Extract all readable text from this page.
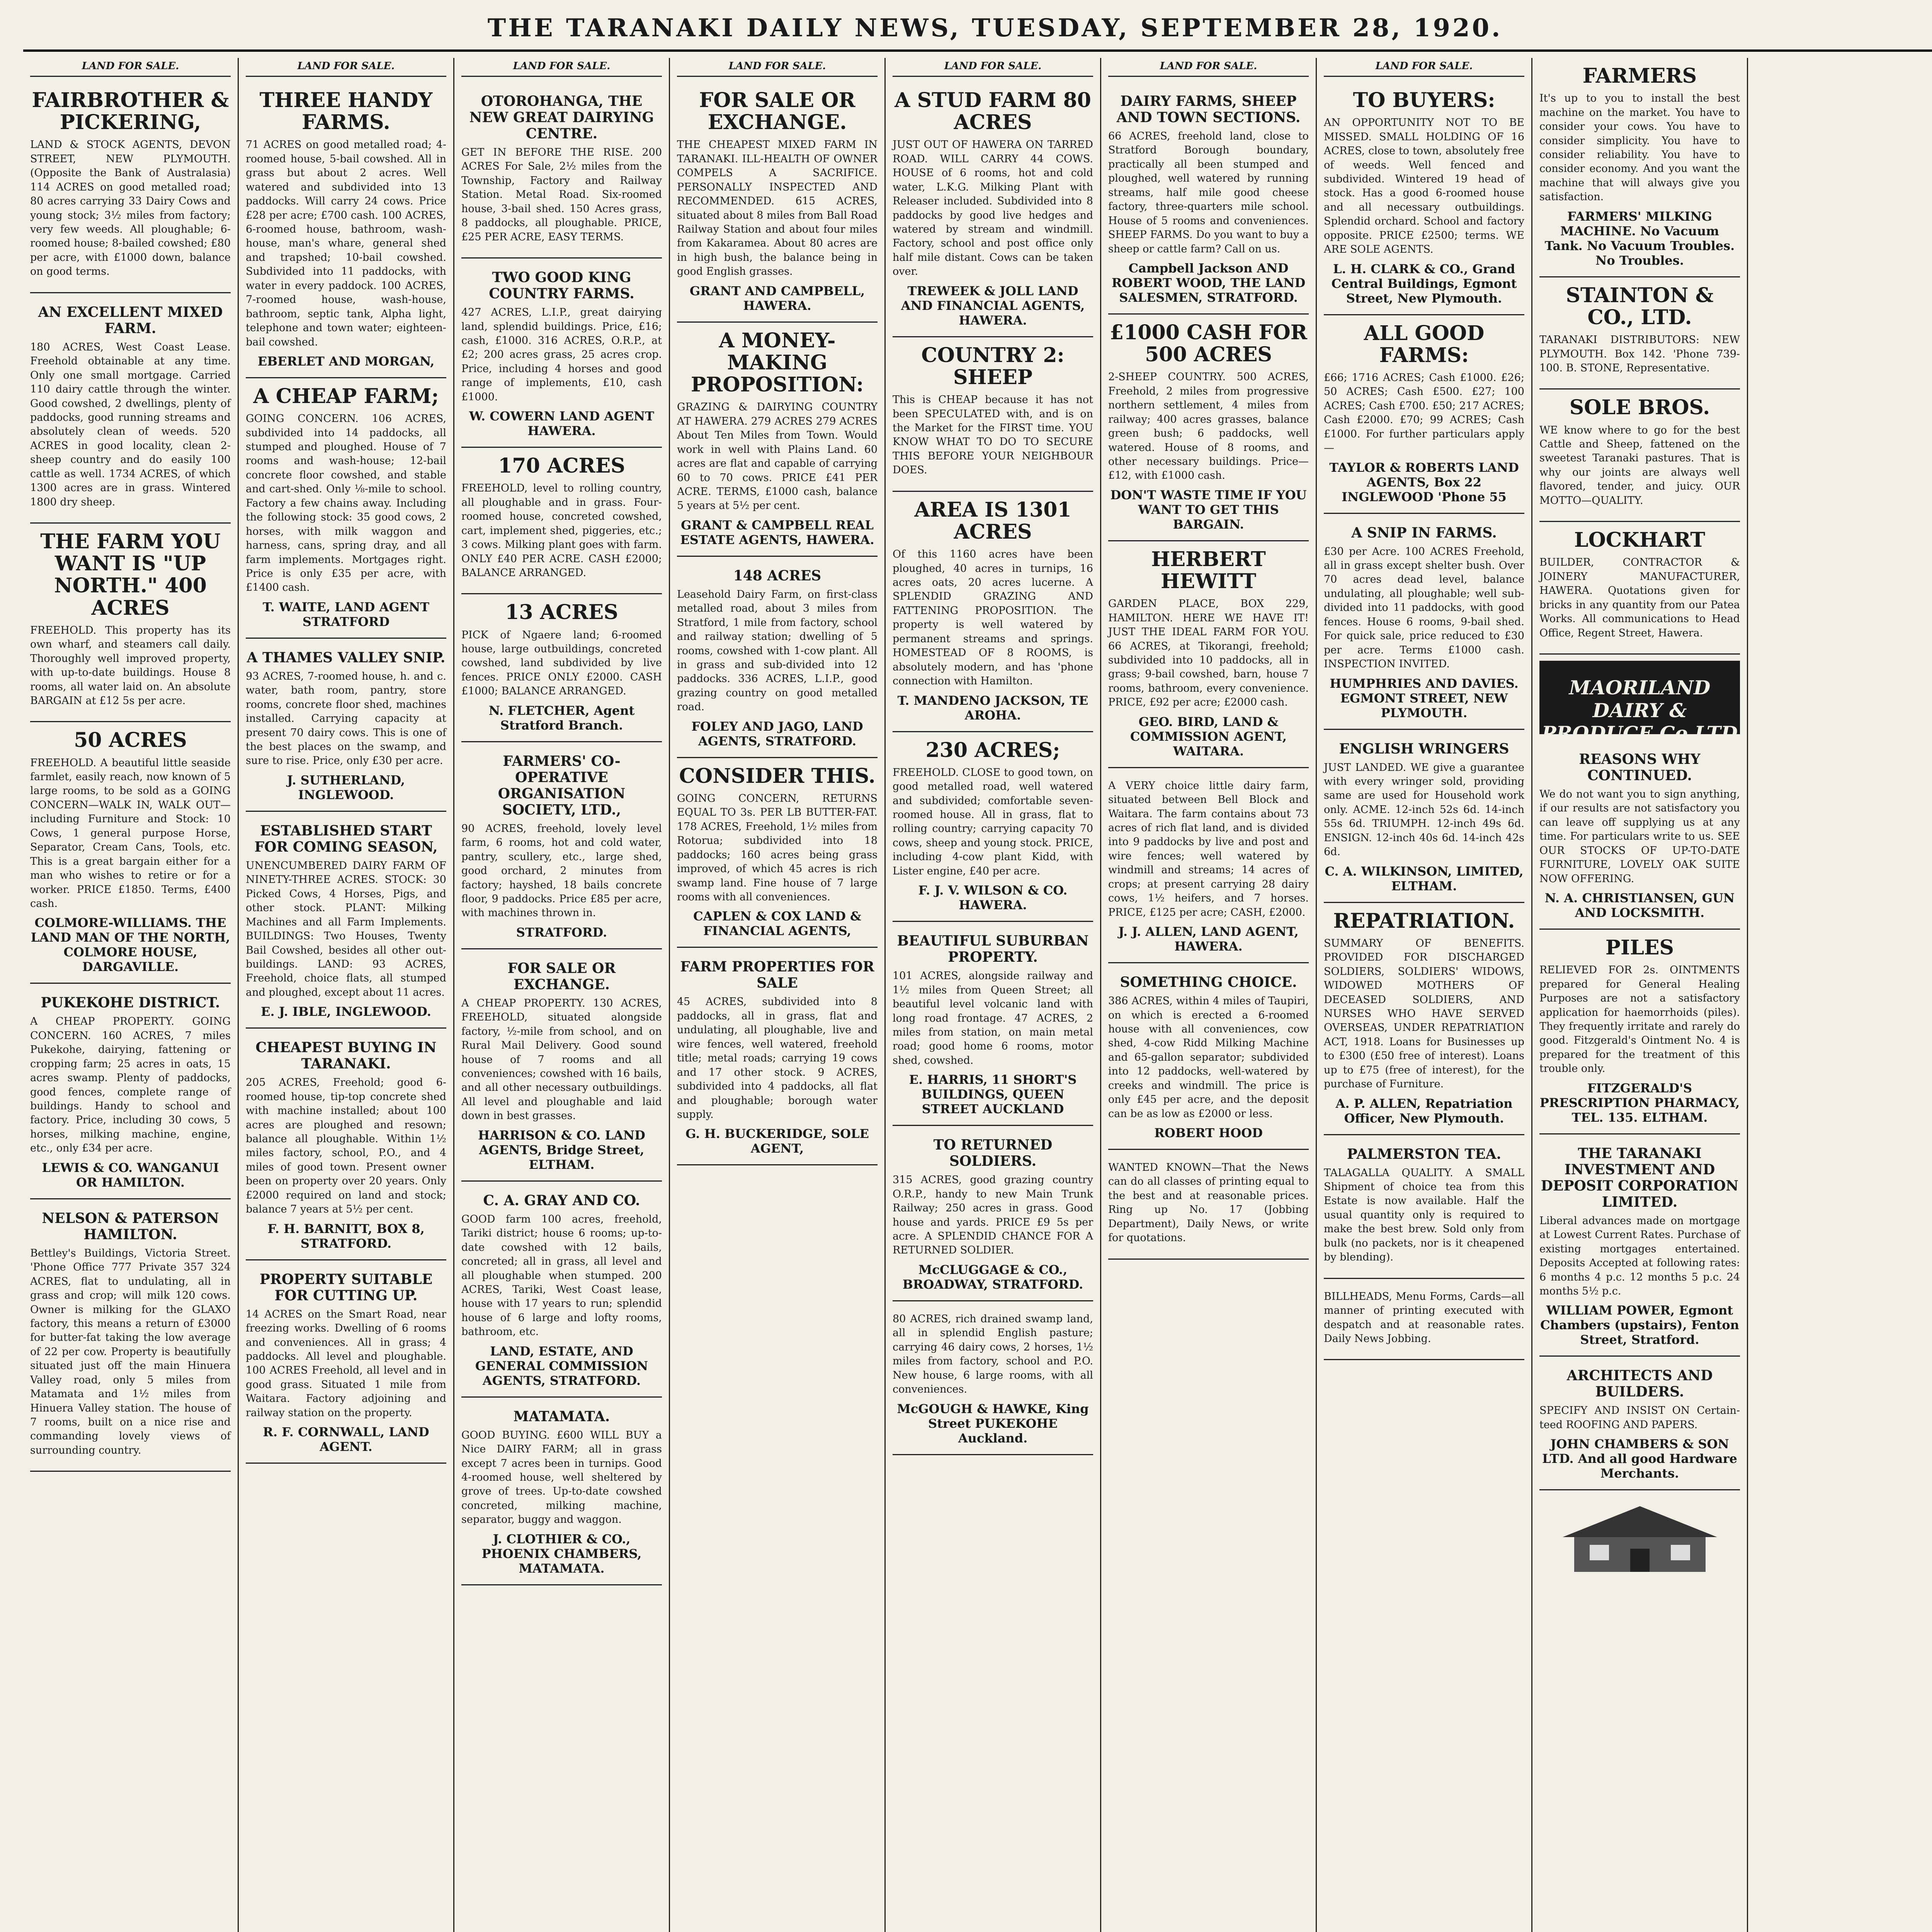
THE TARANAKI DAILY NEWS, TUESDAY, SEPTEMBER 28, 1920.
LAND FOR SALE.
FAIRBROTHER & PICKERING,

LAND & STOCK AGENTS, DEVON STREET, NEW PLYMOUTH. (Opposite the Bank of Australasia) 114 ACRES on good metalled road; 80 acres carrying 33 Dairy Cows and young stock; 3½ miles from factory; very few weeds. All ploughable; 6-roomed house; 8-bailed cowshed; £80 per acre, with £1000 down, balance on good terms.

AN EXCELLENT MIXED FARM.

180 ACRES, West Coast Lease. Freehold obtainable at any time. Only one small mortgage. Carried 110 dairy cattle through the winter. Good cowshed, 2 dwellings, plenty of paddocks, good running streams and absolutely clean of weeds. 520 ACRES in good locality, clean 2-sheep country and do easily 100 cattle as well. 1734 ACRES, of which 1300 acres are in grass. Wintered 1800 dry sheep.

THE FARM YOU WANT IS "UP NORTH." 400 ACRES

FREEHOLD. This property has its own wharf, and steamers call daily. Thoroughly well improved property, with up-to-date buildings. House 8 rooms, all water laid on. An absolute BARGAIN at £12 5s per acre.

50 ACRES

FREEHOLD. A beautiful little seaside farmlet, easily reach, now known of 5 large rooms, to be sold as a GOING CONCERN—WALK IN, WALK OUT—including Furniture and Stock: 10 Cows, 1 general purpose Horse, Separator, Cream Cans, Tools, etc. This is a great bargain either for a man who wishes to retire or for a worker. PRICE £1850. Terms, £400 cash.

COLMORE-WILLIAMS. THE LAND MAN OF THE NORTH, COLMORE HOUSE, DARGAVILLE.
PUKEKOHE DISTRICT.

A CHEAP PROPERTY. GOING CONCERN. 160 ACRES, 7 miles Pukekohe, dairying, fattening or cropping farm; 25 acres in oats, 15 acres swamp. Plenty of paddocks, good fences, complete range of buildings. Handy to school and factory. Price, including 30 cows, 5 horses, milking machine, engine, etc., only £34 per acre.

LEWIS & CO. WANGANUI OR HAMILTON.
NELSON & PATERSON HAMILTON.

Bettley's Buildings, Victoria Street. 'Phone Office 777 Private 357 324 ACRES, flat to undulating, all in grass and crop; will milk 120 cows. Owner is milking for the GLAXO factory, this means a return of £3000 for butter-fat taking the low average of 22 per cow. Property is beautifully situated just off the main Hinuera Valley road, only 5 miles from Matamata and 1½ miles from Hinuera Valley station. The house of 7 rooms, built on a nice rise and commanding lovely views of surrounding country.

LAND FOR SALE.
THREE HANDY FARMS.

71 ACRES on good metalled road; 4-roomed house, 5-bail cowshed. All in grass but about 2 acres. Well watered and subdivided into 13 paddocks. Will carry 24 cows. Price £28 per acre; £700 cash. 100 ACRES, 6-roomed house, bathroom, wash-house, man's whare, general shed and trapshed; 10-bail cowshed. Subdivided into 11 paddocks, with water in every paddock. 100 ACRES, 7-roomed house, wash-house, bathroom, septic tank, Alpha light, telephone and town water; eighteen-bail cowshed.

EBERLET AND MORGAN,
A CHEAP FARM;

GOING CONCERN. 106 ACRES, subdivided into 14 paddocks, all stumped and ploughed. House of 7 rooms and wash-house; 12-bail concrete floor cowshed, and stable and cart-shed. Only ⅛-mile to school. Factory a few chains away. Including the following stock: 35 good cows, 2 horses, with milk waggon and harness, cans, spring dray, and all farm implements. Mortgages right. Price is only £35 per acre, with £1400 cash.

T. WAITE, LAND AGENT STRATFORD
A THAMES VALLEY SNIP.

93 ACRES, 7-roomed house, h. and c. water, bath room, pantry, store rooms, concrete floor shed, machines installed. Carrying capacity at present 70 dairy cows. This is one of the best places on the swamp, and sure to rise. Price, only £30 per acre.

J. SUTHERLAND, INGLEWOOD.
ESTABLISHED START FOR COMING SEASON,

UNENCUMBERED DAIRY FARM OF NINETY-THREE ACRES. STOCK: 30 Picked Cows, 4 Horses, Pigs, and other stock. PLANT: Milking Machines and all Farm Implements. BUILDINGS: Two Houses, Twenty Bail Cowshed, besides all other out-buildings. LAND: 93 ACRES, Freehold, choice flats, all stumped and ploughed, except about 11 acres.

E. J. IBLE, INGLEWOOD.
CHEAPEST BUYING IN TARANAKI.

205 ACRES, Freehold; good 6-roomed house, tip-top concrete shed with machine installed; about 100 acres are ploughed and resown; balance all ploughable. Within 1½ miles factory, school, P.O., and 4 miles of good town. Present owner been on property over 20 years. Only £2000 required on land and stock; balance 7 years at 5½ per cent.

F. H. BARNITT, BOX 8, STRATFORD.
PROPERTY SUITABLE FOR CUTTING UP.

14 ACRES on the Smart Road, near freezing works. Dwelling of 6 rooms and conveniences. All in grass; 4 paddocks. All level and ploughable. 100 ACRES Freehold, all level and in good grass. Situated 1 mile from Waitara. Factory adjoining and railway station on the property.

R. F. CORNWALL, LAND AGENT.
LAND FOR SALE.
OTOROHANGA, THE NEW GREAT DAIRYING CENTRE.

GET IN BEFORE THE RISE. 200 ACRES For Sale, 2½ miles from the Township, Factory and Railway Station. Metal Road. Six-roomed house, 3-bail shed. 150 Acres grass, 8 paddocks, all ploughable. PRICE, £25 PER ACRE, EASY TERMS.

TWO GOOD KING COUNTRY FARMS.

427 ACRES, L.I.P., great dairying land, splendid buildings. Price, £16; cash, £1000. 316 ACRES, O.R.P., at £2; 200 acres grass, 25 acres crop. Price, including 4 horses and good range of implements, £10, cash £1000.

W. COWERN LAND AGENT HAWERA.
170 ACRES

FREEHOLD, level to rolling country, all ploughable and in grass. Four-roomed house, concreted cowshed, cart, implement shed, piggeries, etc.; 3 cows. Milking plant goes with farm. ONLY £40 PER ACRE. CASH £2000; BALANCE ARRANGED.

13 ACRES

PICK of Ngaere land; 6-roomed house, large outbuildings, concreted cowshed, land subdivided by live fences. PRICE ONLY £2000. CASH £1000; BALANCE ARRANGED.

N. FLETCHER, Agent Stratford Branch.
FARMERS' CO-OPERATIVE ORGANISATION SOCIETY, LTD.,

90 ACRES, freehold, lovely level farm, 6 rooms, hot and cold water, pantry, scullery, etc., large shed, good orchard, 2 minutes from factory; hayshed, 18 bails concrete floor, 9 paddocks. Price £85 per acre, with machines thrown in.

STRATFORD.
FOR SALE OR EXCHANGE.

A CHEAP PROPERTY. 130 ACRES, FREEHOLD, situated alongside factory, ½-mile from school, and on Rural Mail Delivery. Good sound house of 7 rooms and all conveniences; cowshed with 16 bails, and all other necessary outbuildings. All level and ploughable and laid down in best grasses.

HARRISON & CO. LAND AGENTS, Bridge Street, ELTHAM.
C. A. GRAY AND CO.

GOOD farm 100 acres, freehold, Tariki district; house 6 rooms; up-to-date cowshed with 12 bails, concreted; all in grass, all level and all ploughable when stumped. 200 ACRES, Tariki, West Coast lease, house with 17 years to run; splendid house of 6 large and lofty rooms, bathroom, etc.

LAND, ESTATE, AND GENERAL COMMISSION AGENTS, STRATFORD.
MATAMATA.

GOOD BUYING. £600 WILL BUY a Nice DAIRY FARM; all in grass except 7 acres been in turnips. Good 4-roomed house, well sheltered by grove of trees. Up-to-date cowshed concreted, milking machine, separator, buggy and waggon.

J. CLOTHIER & CO., PHOENIX CHAMBERS, MATAMATA.
LAND FOR SALE.
FOR SALE OR EXCHANGE.

THE CHEAPEST MIXED FARM IN TARANAKI. ILL-HEALTH OF OWNER COMPELS A SACRIFICE. PERSONALLY INSPECTED AND RECOMMENDED. 615 ACRES, situated about 8 miles from Ball Road Railway Station and about four miles from Kakaramea. About 80 acres are in high bush, the balance being in good English grasses.

GRANT AND CAMPBELL, HAWERA.
A MONEY-MAKING PROPOSITION:

GRAZING & DAIRYING COUNTRY AT HAWERA. 279 ACRES 279 ACRES About Ten Miles from Town. Would work in well with Plains Land. 60 acres are flat and capable of carrying 60 to 70 cows. PRICE £41 PER ACRE. TERMS, £1000 cash, balance 5 years at 5½ per cent.

GRANT & CAMPBELL REAL ESTATE AGENTS, HAWERA.
148 ACRES

Leasehold Dairy Farm, on first-class metalled road, about 3 miles from Stratford, 1 mile from factory, school and railway station; dwelling of 5 rooms, cowshed with 1-cow plant. All in grass and sub-divided into 12 paddocks. 336 ACRES, L.I.P., good grazing country on good metalled road.

FOLEY AND JAGO, LAND AGENTS, STRATFORD.
CONSIDER THIS.

GOING CONCERN, RETURNS EQUAL TO 3s. PER LB BUTTER-FAT. 178 ACRES, Freehold, 1½ miles from Rotorua; subdivided into 18 paddocks; 160 acres being grass improved, of which 45 acres is rich swamp land. Fine house of 7 large rooms with all conveniences.

CAPLEN & COX LAND & FINANCIAL AGENTS,
FARM PROPERTIES FOR SALE

45 ACRES, subdivided into 8 paddocks, all in grass, flat and undulating, all ploughable, live and wire fences, well watered, freehold title; metal roads; carrying 19 cows and 17 other stock. 9 ACRES, subdivided into 4 paddocks, all flat and ploughable; borough water supply.

G. H. BUCKERIDGE, SOLE AGENT,
LAND FOR SALE.
A STUD FARM 80 ACRES

JUST OUT OF HAWERA ON TARRED ROAD. WILL CARRY 44 COWS. HOUSE of 6 rooms, hot and cold water, L.K.G. Milking Plant with Releaser included. Subdivided into 8 paddocks by good live hedges and watered by stream and windmill. Factory, school and post office only half mile distant. Cows can be taken over.

TREWEEK & JOLL LAND AND FINANCIAL AGENTS, HAWERA.
COUNTRY 2: SHEEP

This is CHEAP because it has not been SPECULATED with, and is on the Market for the FIRST time. YOU KNOW WHAT TO DO TO SECURE THIS BEFORE YOUR NEIGHBOUR DOES.

AREA IS 1301 ACRES

Of this 1160 acres have been ploughed, 40 acres in turnips, 16 acres oats, 20 acres lucerne. A SPLENDID GRAZING AND FATTENING PROPOSITION. The property is well watered by permanent streams and springs. HOMESTEAD OF 8 ROOMS, is absolutely modern, and has 'phone connection with Hamilton.

T. MANDENO JACKSON, TE AROHA.
230 ACRES;

FREEHOLD. CLOSE to good town, on good metalled road, well watered and subdivided; comfortable seven-roomed house. All in grass, flat to rolling country; carrying capacity 70 cows, sheep and young stock. PRICE, including 4-cow plant Kidd, with Lister engine, £40 per acre.

F. J. V. WILSON & CO. HAWERA.
BEAUTIFUL SUBURBAN PROPERTY.

101 ACRES, alongside railway and 1½ miles from Queen Street; all beautiful level volcanic land with long road frontage. 47 ACRES, 2 miles from station, on main metal road; good home 6 rooms, motor shed, cowshed.

E. HARRIS, 11 SHORT'S BUILDINGS, QUEEN STREET AUCKLAND
TO RETURNED SOLDIERS.

315 ACRES, good grazing country O.R.P., handy to new Main Trunk Railway; 250 acres in grass. Good house and yards. PRICE £9 5s per acre. A SPLENDID CHANCE FOR A RETURNED SOLDIER.

McCLUGGAGE & CO., BROADWAY, STRATFORD.

80 ACRES, rich drained swamp land, all in splendid English pasture; carrying 46 dairy cows, 2 horses, 1½ miles from factory, school and P.O. New house, 6 large rooms, with all conveniences.

McGOUGH & HAWKE, King Street PUKEKOHE Auckland.
LAND FOR SALE.
DAIRY FARMS, SHEEP AND TOWN SECTIONS.

66 ACRES, freehold land, close to Stratford Borough boundary, practically all been stumped and ploughed, well watered by running streams, half mile good cheese factory, three-quarters mile school. House of 5 rooms and conveniences. SHEEP FARMS. Do you want to buy a sheep or cattle farm? Call on us.

Campbell Jackson AND ROBERT WOOD, THE LAND SALESMEN, STRATFORD.
£1000 CASH FOR 500 ACRES

2-SHEEP COUNTRY. 500 ACRES, Freehold, 2 miles from progressive northern settlement, 4 miles from railway; 400 acres grasses, balance green bush; 6 paddocks, well watered. House of 8 rooms, and other necessary buildings. Price—£12, with £1000 cash.

DON'T WASTE TIME IF YOU WANT TO GET THIS BARGAIN.
HERBERT HEWITT

GARDEN PLACE, BOX 229, HAMILTON. HERE WE HAVE IT! JUST THE IDEAL FARM FOR YOU. 66 ACRES, at Tikorangi, freehold; subdivided into 10 paddocks, all in grass; 9-bail cowshed, barn, house 7 rooms, bathroom, every convenience. PRICE, £92 per acre; £2000 cash.

GEO. BIRD, LAND & COMMISSION AGENT, WAITARA.

A VERY choice little dairy farm, situated between Bell Block and Waitara. The farm contains about 73 acres of rich flat land, and is divided into 9 paddocks by live and post and wire fences; well watered by windmill and streams; 14 acres of crops; at present carrying 28 dairy cows, 1½ heifers, and 7 horses. PRICE, £125 per acre; CASH, £2000.

J. J. ALLEN, LAND AGENT, HAWERA.
SOMETHING CHOICE.

386 ACRES, within 4 miles of Taupiri, on which is erected a 6-roomed house with all conveniences, cow shed, 4-cow Ridd Milking Machine and 65-gallon separator; subdivided into 12 paddocks, well-watered by creeks and windmill. The price is only £45 per acre, and the deposit can be as low as £2000 or less.

ROBERT HOOD

WANTED KNOWN—That the News can do all classes of printing equal to the best and at reasonable prices. Ring up No. 17 (Jobbing Department), Daily News, or write for quotations.

LAND FOR SALE.
TO BUYERS:

AN OPPORTUNITY NOT TO BE MISSED. SMALL HOLDING OF 16 ACRES, close to town, absolutely free of weeds. Well fenced and subdivided. Wintered 19 head of stock. Has a good 6-roomed house and all necessary outbuildings. Splendid orchard. School and factory opposite. PRICE £2500; terms. WE ARE SOLE AGENTS.

L. H. CLARK & CO., Grand Central Buildings, Egmont Street, New Plymouth.
ALL GOOD FARMS:

£66; 1716 ACRES; Cash £1000. £26; 50 ACRES; Cash £500. £27; 100 ACRES; Cash £700. £50; 217 ACRES; Cash £2000. £70; 99 ACRES; Cash £1000. For further particulars apply—

TAYLOR & ROBERTS LAND AGENTS, Box 22 INGLEWOOD 'Phone 55
A SNIP IN FARMS.

£30 per Acre. 100 ACRES Freehold, all in grass except shelter bush. Over 70 acres dead level, balance undulating, all ploughable; well sub-divided into 11 paddocks, with good fences. House 6 rooms, 9-bail shed. For quick sale, price reduced to £30 per acre. Terms £1000 cash. INSPECTION INVITED.

HUMPHRIES AND DAVIES. EGMONT STREET, NEW PLYMOUTH.
ENGLISH WRINGERS

JUST LANDED. WE give a guarantee with every wringer sold, providing same are used for Household work only. ACME. 12-inch 52s 6d. 14-inch 55s 6d. TRIUMPH. 12-inch 49s 6d. ENSIGN. 12-inch 40s 6d. 14-inch 42s 6d.

C. A. WILKINSON, LIMITED, ELTHAM.
REPATRIATION.

SUMMARY OF BENEFITS. PROVIDED FOR DISCHARGED SOLDIERS, SOLDIERS' WIDOWS, WIDOWED MOTHERS OF DECEASED SOLDIERS, AND NURSES WHO HAVE SERVED OVERSEAS, UNDER REPATRIATION ACT, 1918. Loans for Businesses up to £300 (£50 free of interest). Loans up to £75 (free of interest), for the purchase of Furniture.

A. P. ALLEN, Repatriation Officer, New Plymouth.
PALMERSTON TEA.

TALAGALLA QUALITY. A SMALL Shipment of choice tea from this Estate is now available. Half the usual quantity only is required to make the best brew. Sold only from bulk (no packets, nor is it cheapened by blending).

BILLHEADS, Menu Forms, Cards—all manner of printing executed with despatch and at reasonable rates. Daily News Jobbing.

FARMERS

It's up to you to install the best machine on the market. You have to consider your cows. You have to consider simplicity. You have to consider reliability. You have to consider economy. And you want the machine that will always give you satisfaction.

FARMERS' MILKING MACHINE. No Vacuum Tank. No Vacuum Troubles. No Troubles.
STAINTON & CO., LTD.

TARANAKI DISTRIBUTORS: NEW PLYMOUTH. Box 142. 'Phone 739-100. B. STONE, Representative.

SOLE BROS.

WE know where to go for the best Cattle and Sheep, fattened on the sweetest Taranaki pastures. That is why our joints are always well flavored, tender, and juicy. OUR MOTTO—QUALITY.

LOCKHART

BUILDER, CONTRACTOR & JOINERY MANUFACTURER, HAWERA. Quotations given for bricks in any quantity from our Patea Works. All communications to Head Office, Regent Street, Hawera.

MAORILAND DAIRY & PRODUCE Co LTD
REASONS WHY CONTINUED.

We do not want you to sign anything, if our results are not satisfactory you can leave off supplying us at any time. For particulars write to us. SEE OUR STOCKS OF UP-TO-DATE FURNITURE, LOVELY OAK SUITE NOW OFFERING.

N. A. CHRISTIANSEN, GUN AND LOCKSMITH.
PILES

RELIEVED FOR 2s. OINTMENTS prepared for General Healing Purposes are not a satisfactory application for haemorrhoids (piles). They frequently irritate and rarely do good. Fitzgerald's Ointment No. 4 is prepared for the treatment of this trouble only.

FITZGERALD'S PRESCRIPTION PHARMACY, TEL. 135. ELTHAM.
THE TARANAKI INVESTMENT AND DEPOSIT CORPORATION LIMITED.

Liberal advances made on mortgage at Lowest Current Rates. Purchase of existing mortgages entertained. Deposits Accepted at following rates: 6 months 4 p.c. 12 months 5 p.c. 24 months 5½ p.c.

WILLIAM POWER, Egmont Chambers (upstairs), Fenton Street, Stratford.
ARCHITECTS AND BUILDERS.

SPECIFY AND INSIST ON Certain-teed ROOFING AND PAPERS.

JOHN CHAMBERS & SON LTD. And all good Hardware Merchants.
